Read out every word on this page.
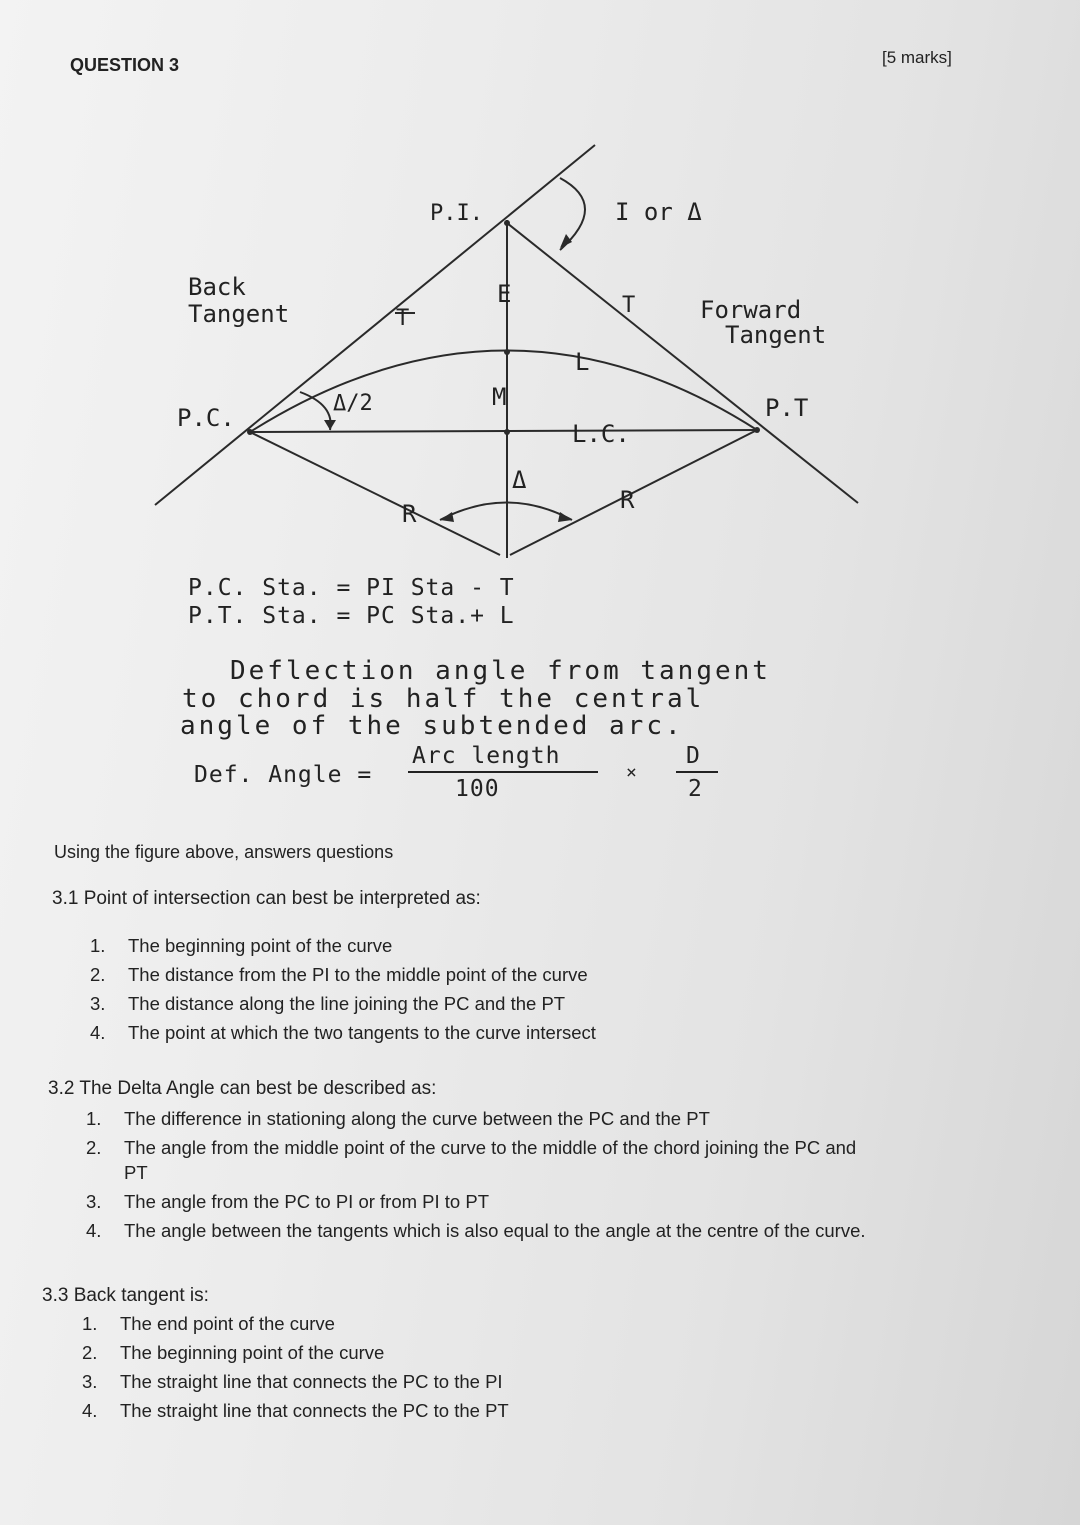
QUESTION 3	[5 marks]
P.I.	I or Δ
Back
Tangent	Forward
Tangent
T
T
E
L
M
P.C.	P.T
Δ/2
L.C.
Δ
R	R
P.C. Sta. = PI Sta - T
P.T. Sta. = PC Sta.+ L
Deflection angle from tangent
to chord is half the central
angle of the subtended arc.
Def. Angle =
Arc length
100
×
D
2
Using the figure above, answers questions
3.1 Point of intersection can best be interpreted as:
1. The beginning point of the curve
2. The distance from the PI to the middle point of the curve
3. The distance along the line joining the PC and the PT
4. The point at which the two tangents to the curve intersect
3.2 The Delta Angle can best be described as:
1. The difference in stationing along the curve between the PC and the PT
2. The angle from the middle point of the curve to the middle of the chord joining the PC and
PT
3. The angle from the PC to PI or from PI to PT
4. The angle between the tangents which is also equal to the angle at the centre of the curve.
3.3 Back tangent is:
1. The end point of the curve
2. The beginning point of the curve
3. The straight line that connects the PC to the PI
4. The straight line that connects the PC to the PT
